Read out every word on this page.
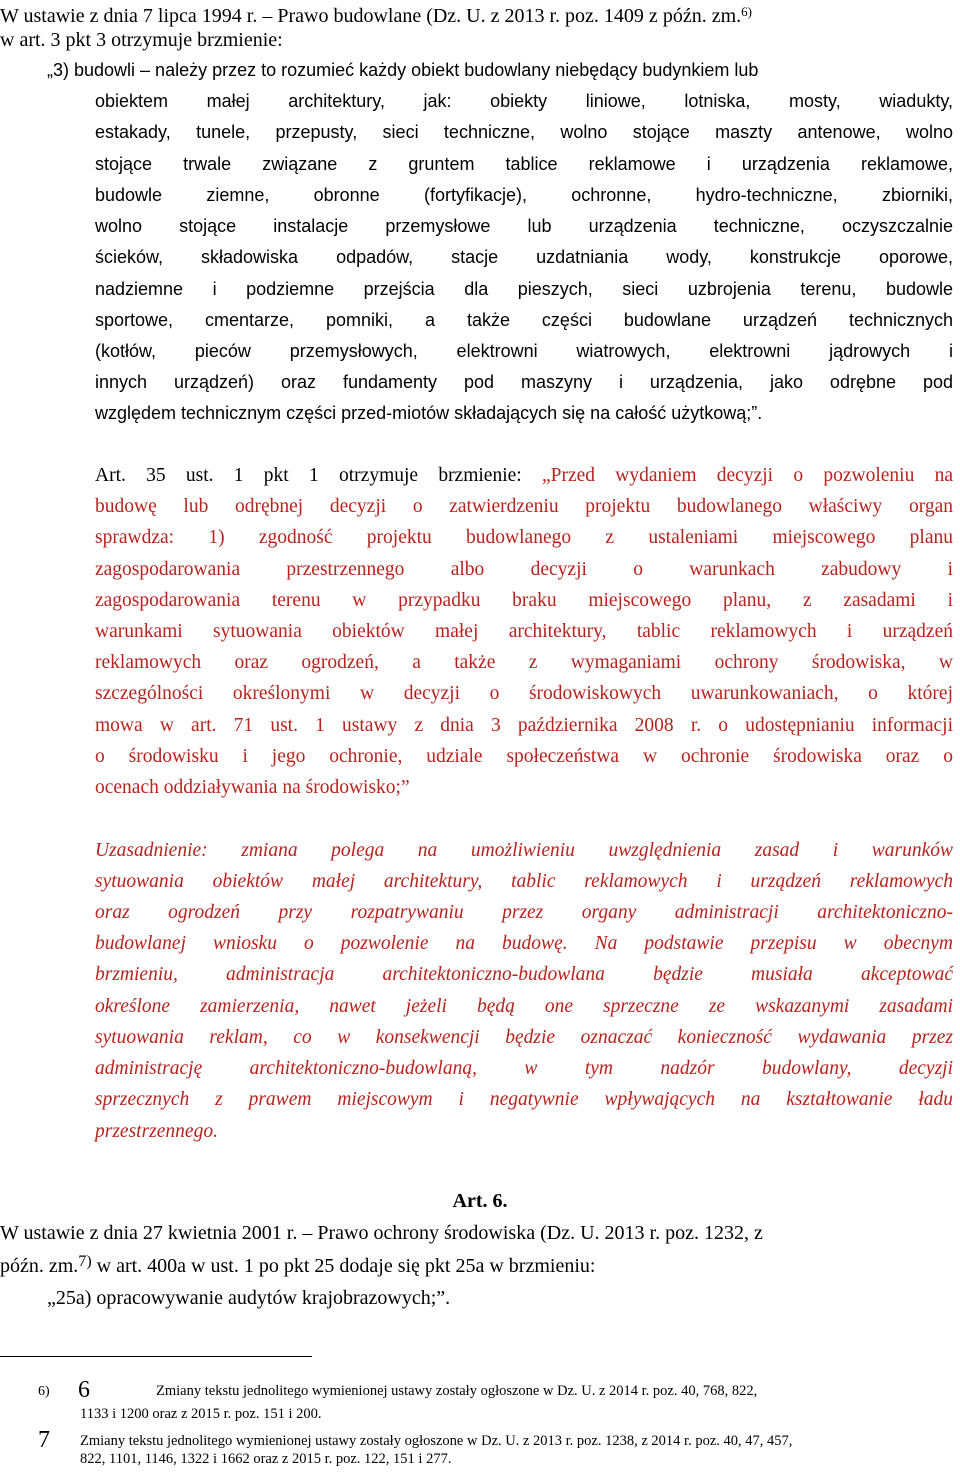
W ustawie z dnia 7 lipca 1994 r. – Prawo budowlane (Dz. U. z 2013 r. poz. 1409 z późn. zm.$^{6)}$
w art. 3 pkt 3 otrzymuje brzmienie:
„3) budowli – należy przez to rozumieć każdy obiekt budowlany niebędący budynkiem lub
obiektem małej architektury, jak: obiekty liniowe, lotniska, mosty, wiadukty,
estakady, tunele, przepusty, sieci techniczne, wolno stojące maszty antenowe, wolno
stojące trwale związane z gruntem tablice reklamowe i urządzenia reklamowe,
budowle ziemne, obronne (fortyfikacje), ochronne, hydro-techniczne, zbiorniki,
wolno stojące instalacje przemysłowe lub urządzenia techniczne, oczyszczalnie
ścieków, składowiska odpadów, stacje uzdatniania wody, konstrukcje oporowe,
nadziemne i podziemne przejścia dla pieszych, sieci uzbrojenia terenu, budowle
sportowe, cmentarze, pomniki, a także części budowlane urządzeń technicznych
(kotłów, pieców przemysłowych, elektrowni wiatrowych, elektrowni jądrowych i
innych urządzeń) oraz fundamenty pod maszyny i urządzenia, jako odrębne pod
względem technicznym części przed-miotów składających się na całość użytkową;”.
Art. 35 ust. 1 pkt 1 otrzymuje brzmienie: „Przed wydaniem decyzji o pozwoleniu na
budowę lub odrębnej decyzji o zatwierdzeniu projektu budowlanego właściwy organ
sprawdza: 1) zgodność projektu budowlanego z ustaleniami miejscowego planu
zagospodarowania przestrzennego albo decyzji o warunkach zabudowy i
zagospodarowania terenu w przypadku braku miejscowego planu, z zasadami i
warunkami sytuowania obiektów małej architektury, tablic reklamowych i urządzeń
reklamowych oraz ogrodzeń, a także z wymaganiami ochrony środowiska, w
szczególności określonymi w decyzji o środowiskowych uwarunkowaniach, o której
mowa w art. 71 ust. 1 ustawy z dnia 3 października 2008 r. o udostępnianiu informacji
o środowisku i jego ochronie, udziale społeczeństwa w ochronie środowiska oraz o
ocenach oddziaływania na środowisko;”
Uzasadnienie: zmiana polega na umożliwieniu uwzględnienia zasad i warunków
sytuowania obiektów małej architektury, tablic reklamowych i urządzeń reklamowych
oraz ogrodzeń przy rozpatrywaniu przez organy administracji architektoniczno-
budowlanej wniosku o pozwolenie na budowę. Na podstawie przepisu w obecnym
brzmieniu, administracja architektoniczno-budowlana będzie musiała akceptować
określone zamierzenia, nawet jeżeli będą one sprzeczne ze wskazanymi zasadami
sytuowania reklam, co w konsekwencji będzie oznaczać konieczność wydawania przez
administrację architektoniczno-budowlaną, w tym nadzór budowlany, decyzji
sprzecznych z prawem miejscowym i negatywnie wpływających na kształtowanie ładu
przestrzennego.
Art. 6.
W ustawie z dnia 27 kwietnia 2001 r. – Prawo ochrony środowiska (Dz. U. 2013 r. poz. 1232, z
późn. zm.$^{7)}$ w art. 400a w ust. 1 po pkt 25 dodaje się pkt 25a w brzmieniu:
„25a) opracowywanie audytów krajobrazowych;”.
6) 6	Zmiany tekstu jednolitego wymienionej ustawy zostały ogłoszone w Dz. U. z 2014 r. poz. 40, 768, 822,
1133 i 1200 oraz z 2015 r. poz. 151 i 200.
7 Zmiany tekstu jednolitego wymienionej ustawy zostały ogłoszone w Dz. U. z 2013 r. poz. 1238, z 2014 r. poz. 40, 47, 457,
822, 1101, 1146, 1322 i 1662 oraz z 2015 r. poz. 122, 151 i 277.
